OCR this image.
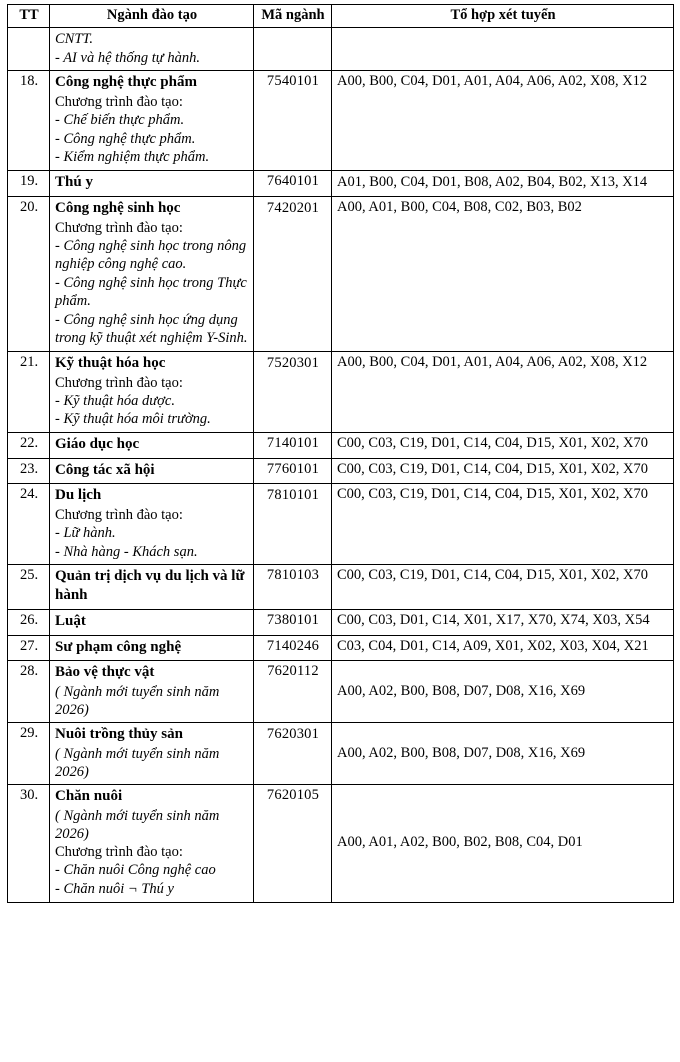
TT	Ngành đào tạo	Mã ngành	Tổ hợp xét tuyển

	CNTT.

- AI và hệ thống tự hành.		

18.	Công nghệ thực phẩm

Chương trình đào tạo:

- Chế biến thực phẩm.

- Công nghệ thực phẩm.

- Kiểm nghiệm thực phẩm.	7540101	A00, B00, C04, D01, A01, A04, A06, A02, X08, X12
19.	Thú y	7640101	A01, B00, C04, D01, B08, A02, B04, B02, X13, X14
20.	Công nghệ sinh học

Chương trình đào tạo:

- Công nghệ sinh học trong nông nghiệp công nghệ cao.

- Công nghệ sinh học trong Thực phẩm.

- Công nghệ sinh học ứng dụng trong kỹ thuật xét nghiệm Y-Sinh.	7420201	A00, A01, B00, C04, B08, C02, B03, B02
21.	Kỹ thuật hóa học

Chương trình đào tạo:

- Kỹ thuật hóa dược.

- Kỹ thuật hóa môi trường.	7520301	A00, B00, C04, D01, A01, A04, A06, A02, X08, X12
22.	Giáo dục học	7140101	C00, C03, C19, D01, C14, C04, D15, X01, X02, X70
23.	Công tác xã hội	7760101	C00, C03, C19, D01, C14, C04, D15, X01, X02, X70
24.	Du lịch

Chương trình đào tạo:

- Lữ hành.

- Nhà hàng - Khách sạn.	7810101	C00, C03, C19, D01, C14, C04, D15, X01, X02, X70
25.	Quản trị dịch vụ du lịch và lữ hành	7810103	C00, C03, C19, D01, C14, C04, D15, X01, X02, X70
26.	Luật	7380101	C00, C03, D01, C14, X01, X17, X70, X74, X03, X54
27.	Sư phạm công nghệ	7140246	C03, C04, D01, C14, A09, X01, X02, X03, X04, X21
28.	Bảo vệ thực vật

( Ngành mới tuyển sinh năm 2026)	7620112	A00, A02, B00, B08, D07, D08, X16, X69
29.	Nuôi trồng thủy sản

( Ngành mới tuyển sinh năm 2026)	7620301	A00, A02, B00, B08, D07, D08, X16, X69
30.	Chăn nuôi

( Ngành mới tuyển sinh năm 2026)

Chương trình đào tạo:

- Chăn nuôi Công nghệ cao

- Chăn nuôi ¬ Thú y	7620105	A00, A01, A02, B00, B02, B08, C04, D01
